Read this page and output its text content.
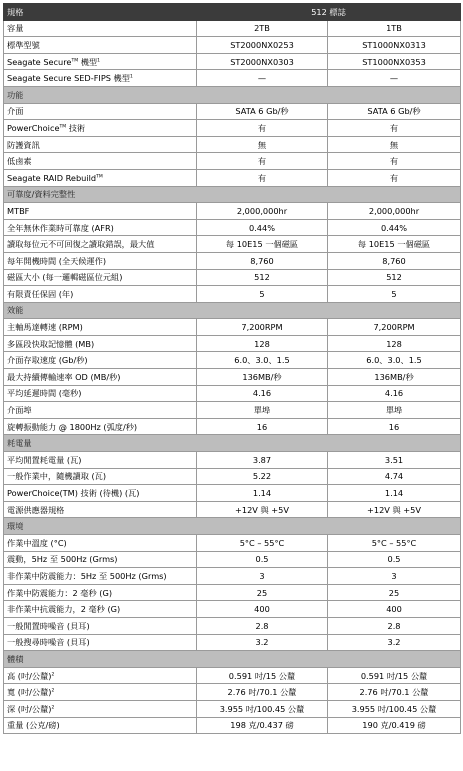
規格	512 標誌	
容量	2TB	1TB
標準型號	ST2000NX0253	ST1000NX0313
Seagate Secure™ 機型$^1$	ST2000NX0303	ST1000NX0353
Seagate Secure SED-FIPS 機型$^1$	—	—
功能		
介面	SATA 6 Gb/秒	SATA 6 Gb/秒
PowerChoice™ 技術	有	有
防護資訊	無	無
低鹵素	有	有
Seagate RAID Rebuild™	有	有
可靠度/資料完整性		
MTBF	2,000,000hr	2,000,000hr
全年無休作業時可靠度 (AFR)	0.44%	0.44%
讀取每位元不可回復之讀取錯誤，最大值	每 10E15 一個磁區	每 10E15 一個磁區
每年開機時間 (全天候運作)	8,760	8,760
磁區大小 (每一邏輯磁區位元組)	512	512
有限責任保固 (年)	5	5
效能		
主軸馬達轉速 (RPM)	7,200RPM	7,200RPM
多區段快取記憶體 (MB)	128	128
介面存取速度 (Gb/秒)	6.0、3.0、1.5	6.0、3.0、1.5
最大持續傳輸速率 OD (MB/秒)	136MB/秒	136MB/秒
平均延遲時間 (毫秒)	4.16	4.16
介面埠	單埠	單埠
旋轉振動能力 @ 1800Hz (弧度/秒)	16	16
耗電量		
平均閒置耗電量 (瓦)	3.87	3.51
一般作業中，隨機讀取 (瓦)	5.22	4.74
PowerChoice(TM) 技術 (待機) (瓦)	1.14	1.14
電源供應器規格	+12V 與 +5V	+12V 與 +5V
環境		
作業中溫度 (°C)	5°C – 55°C	5°C – 55°C
震動，5Hz 至 500Hz (Grms)	0.5	0.5
非作業中防震能力：5Hz 至 500Hz (Grms)	3	3
作業中防震能力：2 毫秒 (G)	25	25
非作業中抗震能力，2 毫秒 (G)	400	400
一般閒置時噪音 (貝耳)	2.8	2.8
一般搜尋時噪音 (貝耳)	3.2	3.2
體積		
高 (吋/公釐)$^2$	0.591 吋/15 公釐	0.591 吋/15 公釐
寬 (吋/公釐)$^2$	2.76 吋/70.1 公釐	2.76 吋/70.1 公釐
深 (吋/公釐)$^2$	3.955 吋/100.45 公釐	3.955 吋/100.45 公釐
重量 (公克/磅)	198 克/0.437 磅	190 克/0.419 磅
